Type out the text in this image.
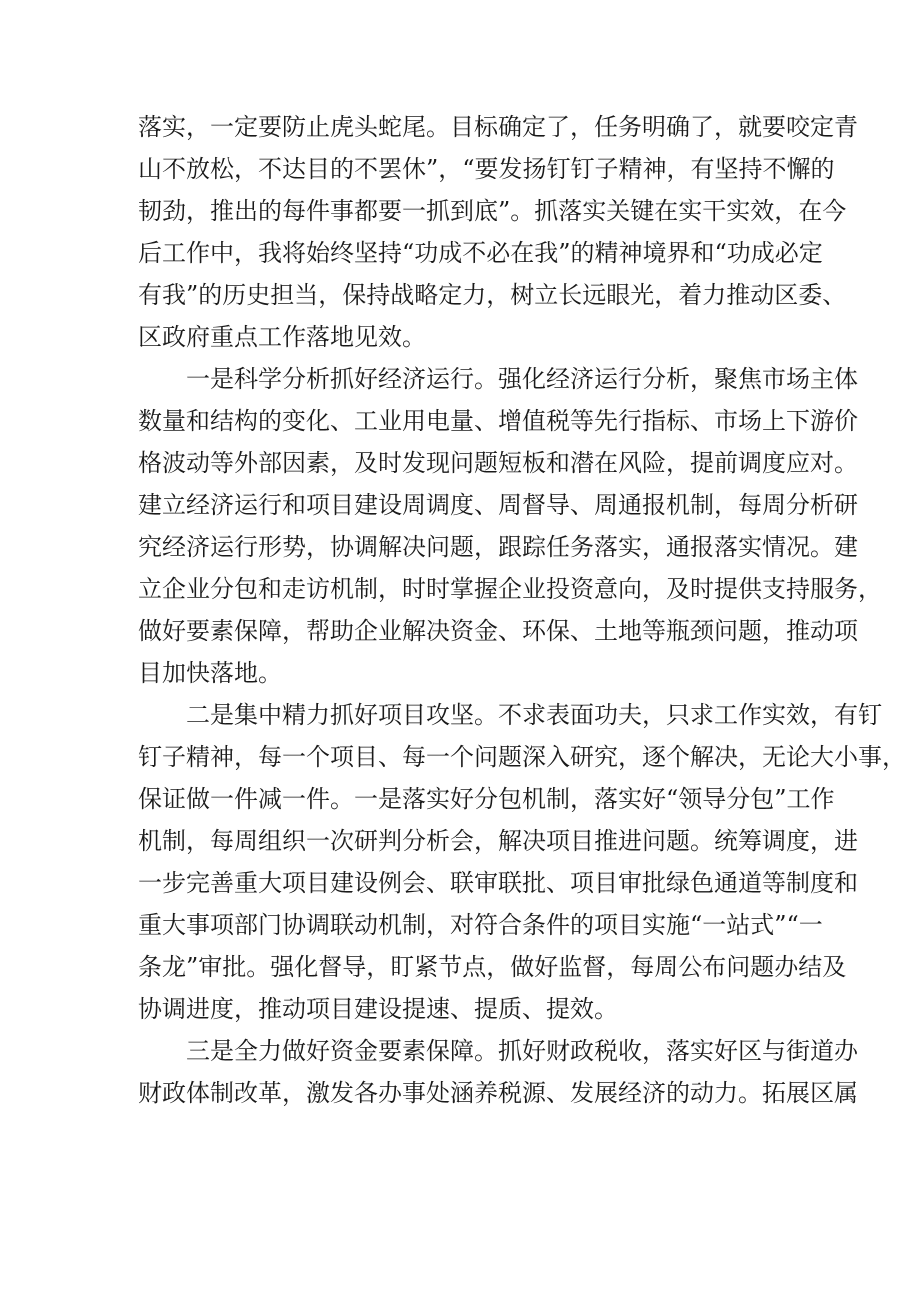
落实，一定要防止虎头蛇尾。目标确定了，任务明确了，就要咬定青
山不放松，不达目的不罢休”，“要发扬钉钉子精神，有坚持不懈的
韧劲，推出的每件事都要一抓到底”。抓落实关键在实干实效，在今
后工作中，我将始终坚持“功成不必在我”的精神境界和“功成必定
有我”的历史担当，保持战略定力，树立长远眼光，着力推动区委、
区政府重点工作落地见效。
一是科学分析抓好经济运行。强化经济运行分析，聚焦市场主体
数量和结构的变化、工业用电量、增值税等先行指标、市场上下游价
格波动等外部因素，及时发现问题短板和潜在风险，提前调度应对。
建立经济运行和项目建设周调度、周督导、周通报机制，每周分析研
究经济运行形势，协调解决问题，跟踪任务落实，通报落实情况。建
立企业分包和走访机制，时时掌握企业投资意向，及时提供支持服务，
做好要素保障，帮助企业解决资金、环保、土地等瓶颈问题，推动项
目加快落地。
二是集中精力抓好项目攻坚。不求表面功夫，只求工作实效，有钉
钉子精神，每一个项目、每一个问题深入研究，逐个解决，无论大小事，
保证做一件减一件。一是落实好分包机制，落实好“领导分包”工作
机制，每周组织一次研判分析会，解决项目推进问题。统筹调度，进
一步完善重大项目建设例会、联审联批、项目审批绿色通道等制度和
重大事项部门协调联动机制，对符合条件的项目实施“一站式”“一
条龙”审批。强化督导，盯紧节点，做好监督，每周公布问题办结及
协调进度，推动项目建设提速、提质、提效。
三是全力做好资金要素保障。抓好财政税收，落实好区与街道办
财政体制改革，激发各办事处涵养税源、发展经济的动力。拓展区属
